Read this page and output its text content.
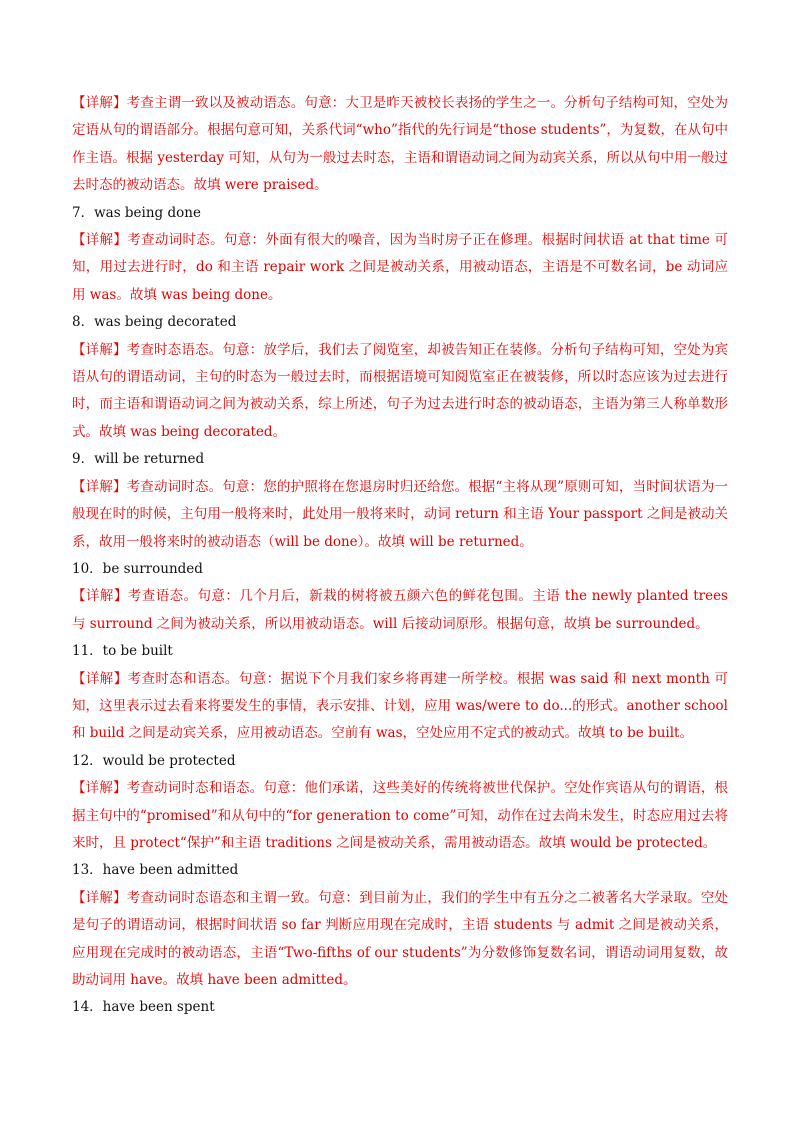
【详解】考查主谓一致以及被动语态。句意：大卫是昨天被校长表扬的学生之一。分析句子结构可知，空处为定语从句的谓语部分。根据句意可知，关系代词“who”指代的先行词是“those students”，为复数，在从句中作主语。根据 yesterday 可知，从句为一般过去时态，主语和谓语动词之间为动宾关系，所以从句中用一般过去时态的被动语态。故填 were praised。

7．was being done

【详解】考查动词时态。句意：外面有很大的噪音，因为当时房子正在修理。根据时间状语 at that time 可知，用过去进行时，do 和主语 repair work 之间是被动关系，用被动语态，主语是不可数名词，be 动词应用 was。故填 was being done。

8．was being decorated

【详解】考查时态语态。句意：放学后，我们去了阅览室，却被告知正在装修。分析句子结构可知，空处为宾语从句的谓语动词，主句的时态为一般过去时，而根据语境可知阅览室正在被装修，所以时态应该为过去进行时，而主语和谓语动词之间为被动关系，综上所述，句子为过去进行时态的被动语态，主语为第三人称单数形式。故填 was being decorated。

9．will be returned

【详解】考查动词时态。句意：您的护照将在您退房时归还给您。根据“主将从现”原则可知，当时间状语为一般现在时的时候，主句用一般将来时，此处用一般将来时，动词 return 和主语 Your passport 之间是被动关系，故用一般将来时的被动语态（will be done）。故填 will be returned。

10．be surrounded

【详解】考查语态。句意：几个月后，新栽的树将被五颜六色的鲜花包围。主语 the newly planted trees 与 surround 之间为被动关系，所以用被动语态。will 后接动词原形。根据句意，故填 be surrounded。

11．to be built

【详解】考查时态和语态。句意：据说下个月我们家乡将再建一所学校。根据 was said 和 next month 可知，这里表示过去看来将要发生的事情，表示安排、计划，应用 was/were to do...的形式。another school 和 build 之间是动宾关系，应用被动语态。空前有 was，空处应用不定式的被动式。故填 to be built。

12．would be protected

【详解】考查动词时态和语态。句意：他们承诺，这些美好的传统将被世代保护。空处作宾语从句的谓语，根据主句中的“promised”和从句中的“for generation to come”可知，动作在过去尚未发生，时态应用过去将来时，且 protect“保护”和主语 traditions 之间是被动关系，需用被动语态。故填 would be protected。

13．have been admitted

【详解】考查动词时态语态和主谓一致。句意：到目前为止，我们的学生中有五分之二被著名大学录取。空处是句子的谓语动词，根据时间状语 so far 判断应用现在完成时，主语 students 与 admit 之间是被动关系，应用现在完成时的被动语态，主语“Two-fifths of our students”为分数修饰复数名词，谓语动词用复数，故助动词用 have。故填 have been admitted。

14．have been spent
